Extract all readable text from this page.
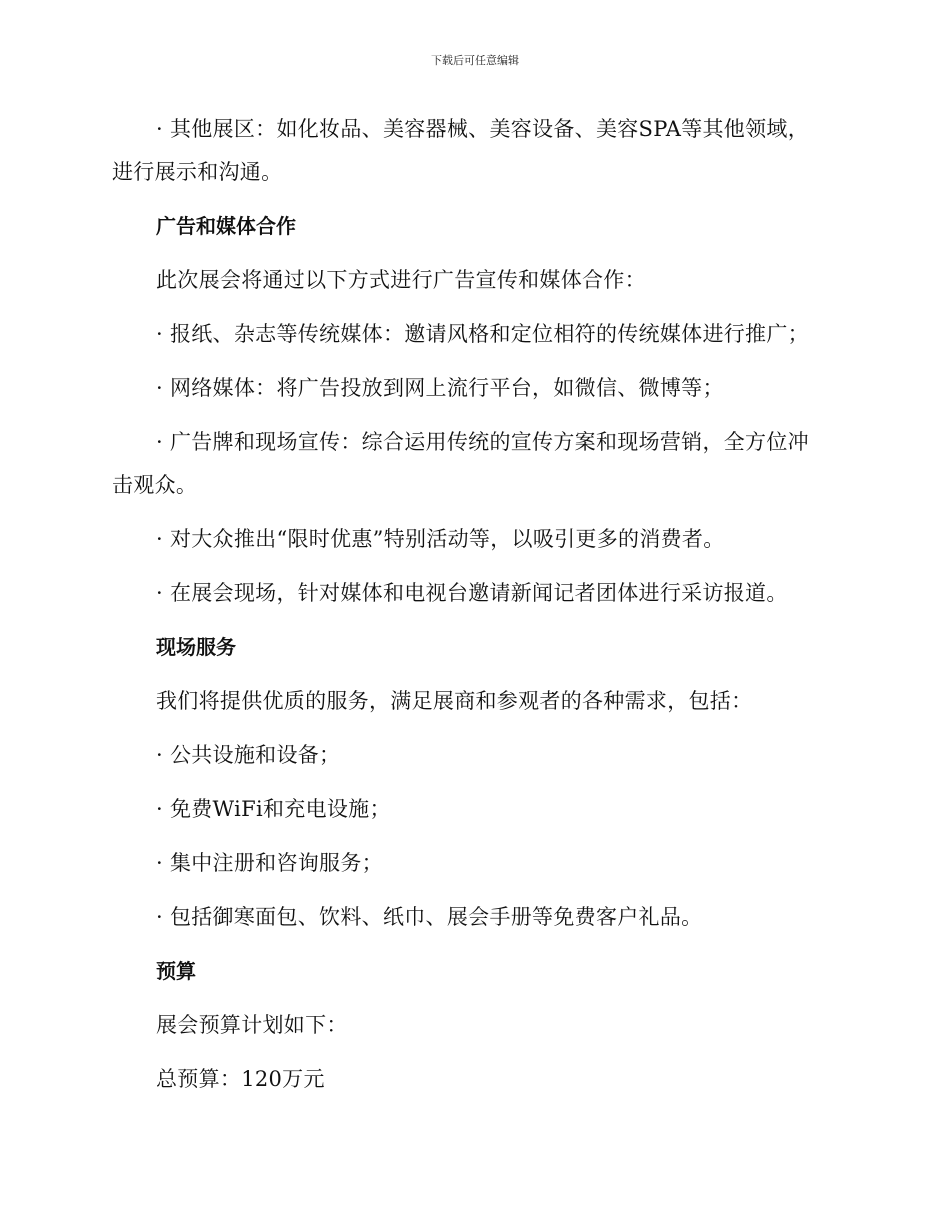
下载后可任意编辑

· 其他展区：如化妆品、美容器械、美容设备、美容SPA等其他领域，进行展示和沟通。

广告和媒体合作

此次展会将通过以下方式进行广告宣传和媒体合作：

· 报纸、杂志等传统媒体：邀请风格和定位相符的传统媒体进行推广；

· 网络媒体：将广告投放到网上流行平台，如微信、微博等；

· 广告牌和现场宣传：综合运用传统的宣传方案和现场营销，全方位冲击观众。

· 对大众推出“限时优惠”特别活动等，以吸引更多的消费者。

· 在展会现场，针对媒体和电视台邀请新闻记者团体进行采访报道。

现场服务

我们将提供优质的服务，满足展商和参观者的各种需求，包括：

· 公共设施和设备；

· 免费WiFi和充电设施；

· 集中注册和咨询服务；

· 包括御寒面包、饮料、纸巾、展会手册等免费客户礼品。

预算

展会预算计划如下：

总预算：120万元
